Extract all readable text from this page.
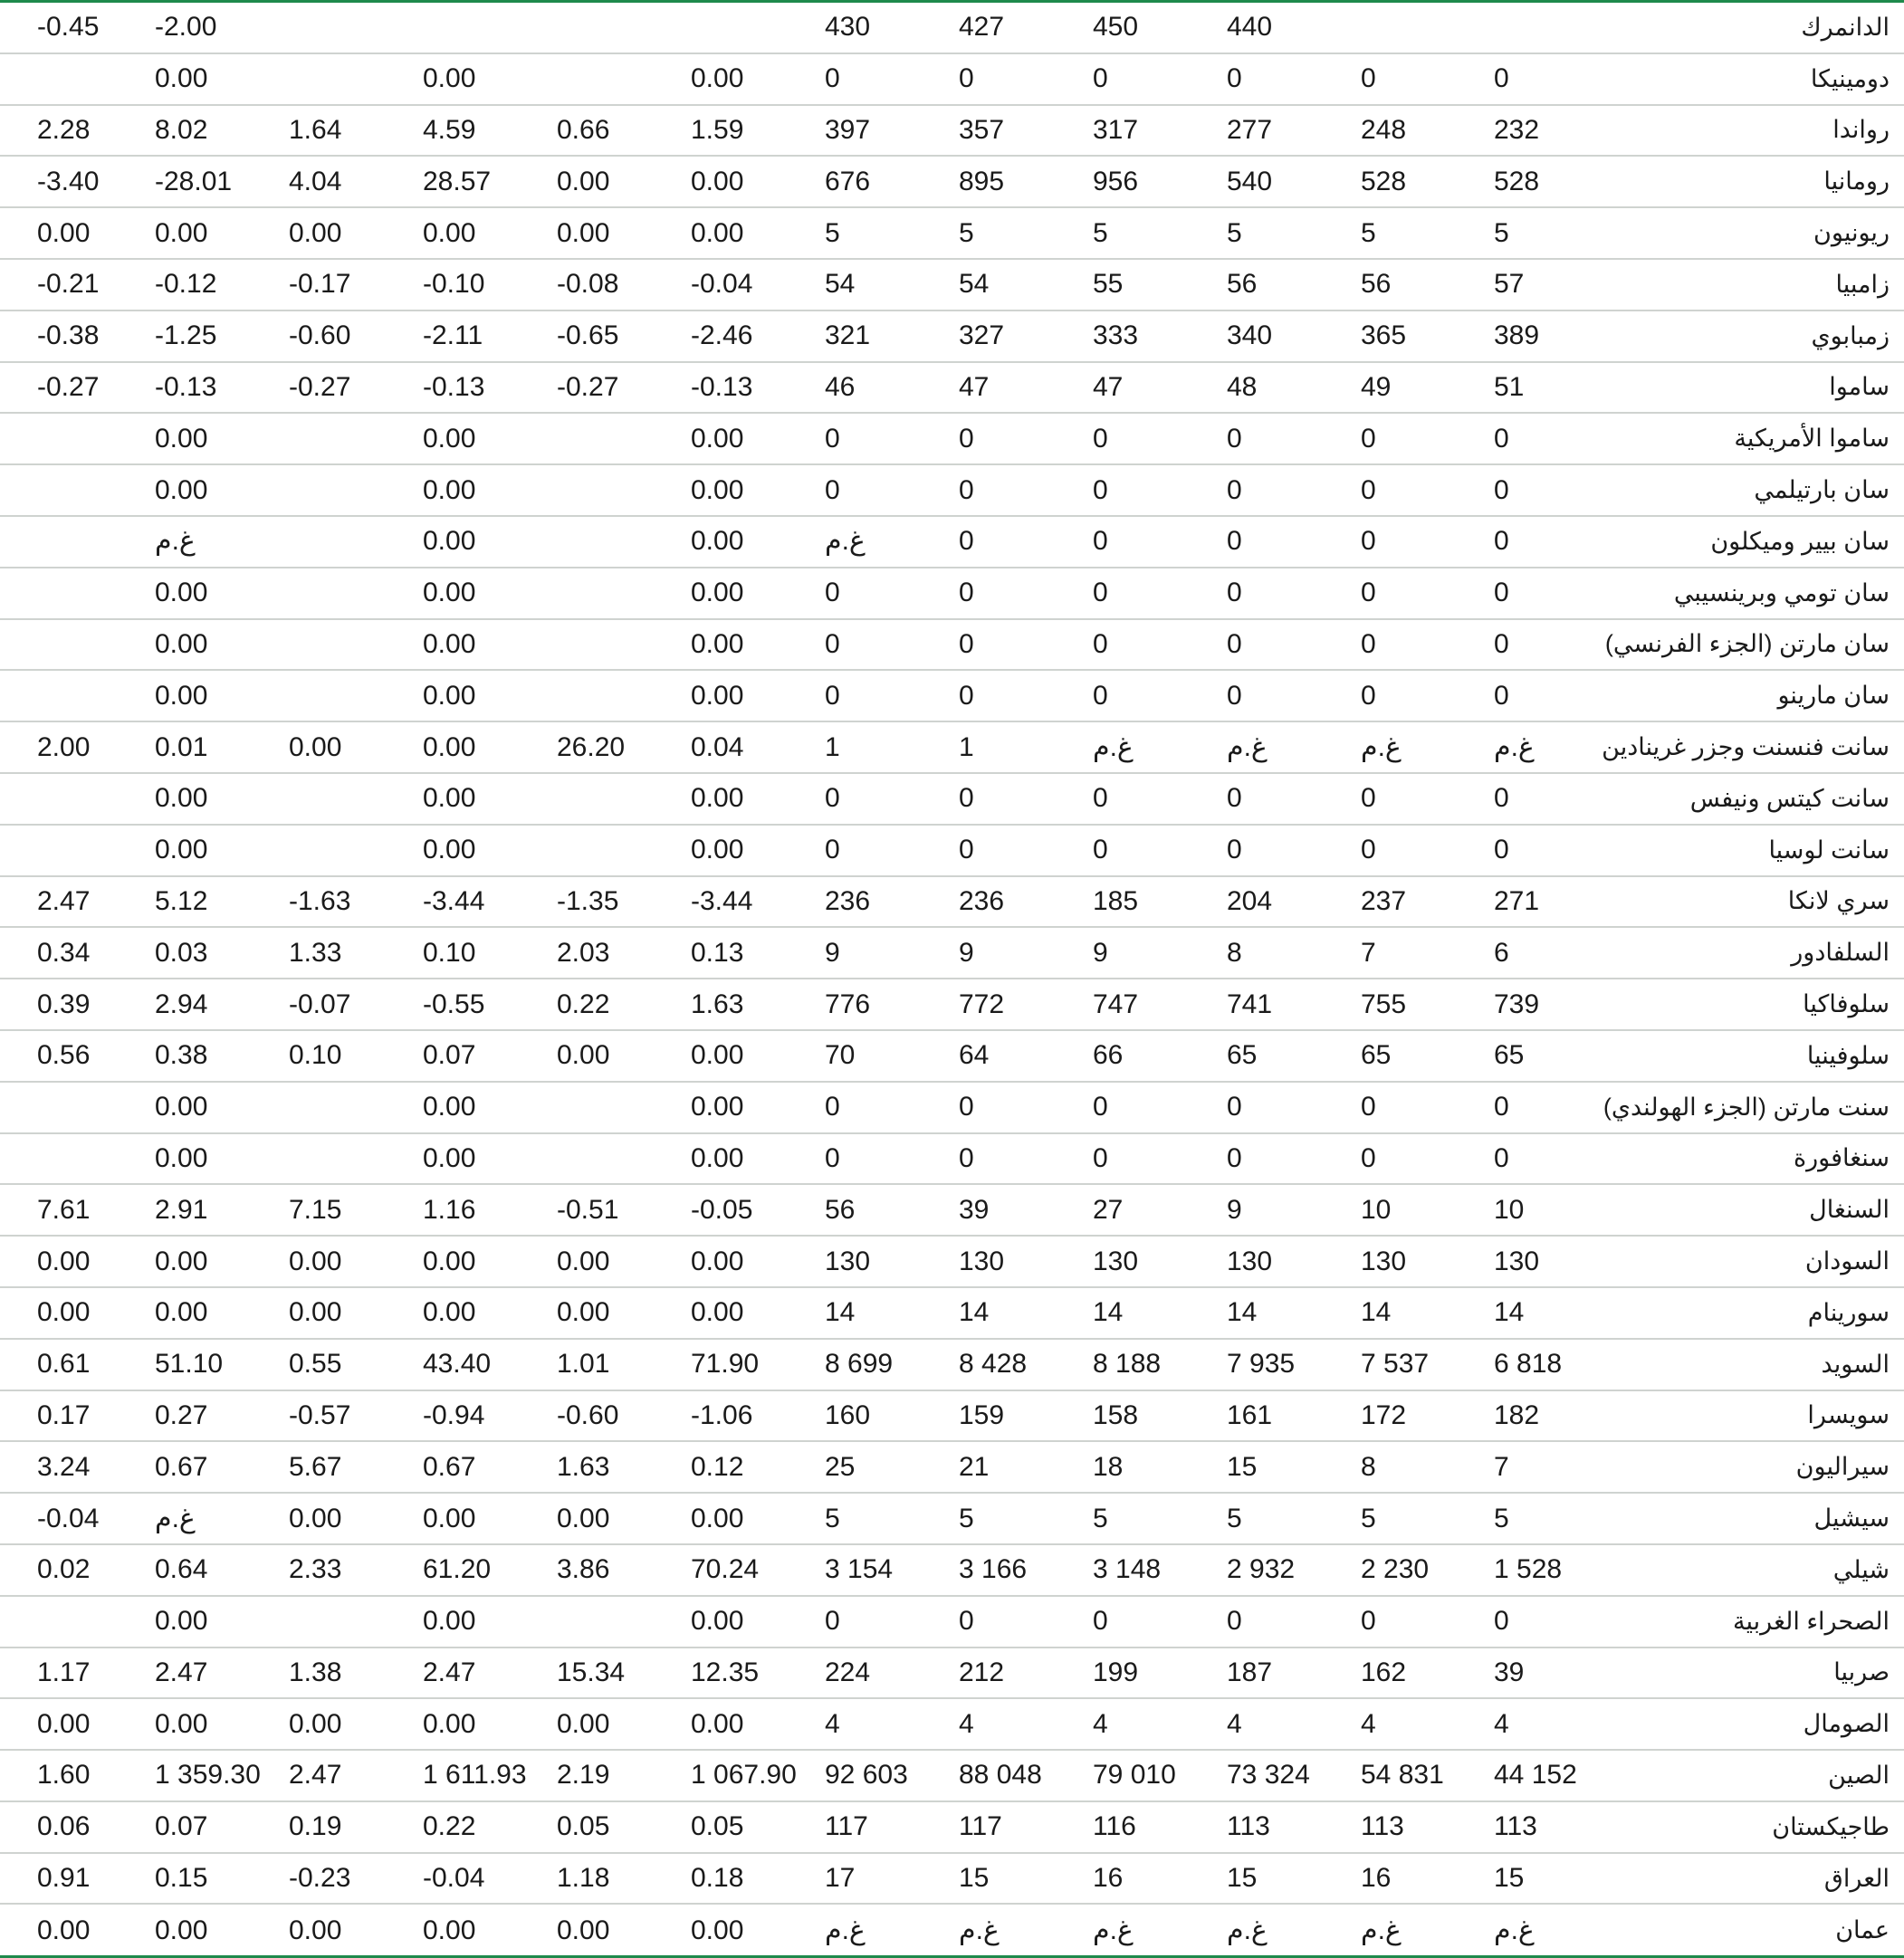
الدانمرك
440
450
427
430
-2.00
-0.45
دومينيكا
0
0
0
0
0
0
0.00
0.00
0.00
رواندا
232
248
277
317
357
397
1.59
0.66
4.59
1.64
8.02
2.28
رومانيا
528
528
540
956
895
676
0.00
0.00
28.57
4.04
-28.01
-3.40
ريونيون
5
5
5
5
5
5
0.00
0.00
0.00
0.00
0.00
0.00
زامبيا
57
56
56
55
54
54
-0.04
-0.08
-0.10
-0.17
-0.12
-0.21
زمبابوي
389
365
340
333
327
321
-2.46
-0.65
-2.11
-0.60
-1.25
-0.38
ساموا
51
49
48
47
47
46
-0.13
-0.27
-0.13
-0.27
-0.13
-0.27
ساموا الأمريكية
0
0
0
0
0
0
0.00
0.00
0.00
سان بارتيلمي
0
0
0
0
0
0
0.00
0.00
0.00
سان بيير وميكلون
0
0
0
0
0
غ.م
0.00
0.00
غ.م
سان تومي وبرينسيبي
0
0
0
0
0
0
0.00
0.00
0.00
سان مارتن (الجزء الفرنسي)
0
0
0
0
0
0
0.00
0.00
0.00
سان مارينو
0
0
0
0
0
0
0.00
0.00
0.00
سانت فنسنت وجزر غرينادين
غ.م
غ.م
غ.م
غ.م
1
1
0.04
26.20
0.00
0.00
0.01
2.00
سانت كيتس ونيفس
0
0
0
0
0
0
0.00
0.00
0.00
سانت لوسيا
0
0
0
0
0
0
0.00
0.00
0.00
سري لانكا
271
237
204
185
236
236
-3.44
-1.35
-3.44
-1.63
5.12
2.47
السلفادور
6
7
8
9
9
9
0.13
2.03
0.10
1.33
0.03
0.34
سلوفاكيا
739
755
741
747
772
776
1.63
0.22
-0.55
-0.07
2.94
0.39
سلوفينيا
65
65
65
66
64
70
0.00
0.00
0.07
0.10
0.38
0.56
سنت مارتن (الجزء الهولندي)
0
0
0
0
0
0
0.00
0.00
0.00
سنغافورة
0
0
0
0
0
0
0.00
0.00
0.00
السنغال
10
10
9
27
39
56
-0.05
-0.51
1.16
7.15
2.91
7.61
السودان
130
130
130
130
130
130
0.00
0.00
0.00
0.00
0.00
0.00
سورينام
14
14
14
14
14
14
0.00
0.00
0.00
0.00
0.00
0.00
السويد
6 818
7 537
7 935
8 188
8 428
8 699
71.90
1.01
43.40
0.55
51.10
0.61
سويسرا
182
172
161
158
159
160
-1.06
-0.60
-0.94
-0.57
0.27
0.17
سيراليون
7
8
15
18
21
25
0.12
1.63
0.67
5.67
0.67
3.24
سيشيل
5
5
5
5
5
5
0.00
0.00
0.00
0.00
غ.م
-0.04
شيلي
1 528
2 230
2 932
3 148
3 166
3 154
70.24
3.86
61.20
2.33
0.64
0.02
الصحراء الغربية
0
0
0
0
0
0
0.00
0.00
0.00
صربيا
39
162
187
199
212
224
12.35
15.34
2.47
1.38
2.47
1.17
الصومال
4
4
4
4
4
4
0.00
0.00
0.00
0.00
0.00
0.00
الصين
44 152
54 831
73 324
79 010
88 048
92 603
1 067.90
2.19
1 611.93
2.47
1 359.30
1.60
طاجيكستان
113
113
113
116
117
117
0.05
0.05
0.22
0.19
0.07
0.06
العراق
15
16
15
16
15
17
0.18
1.18
-0.04
-0.23
0.15
0.91
عمان
غ.م
غ.م
غ.م
غ.م
غ.م
غ.م
0.00
0.00
0.00
0.00
0.00
0.00
